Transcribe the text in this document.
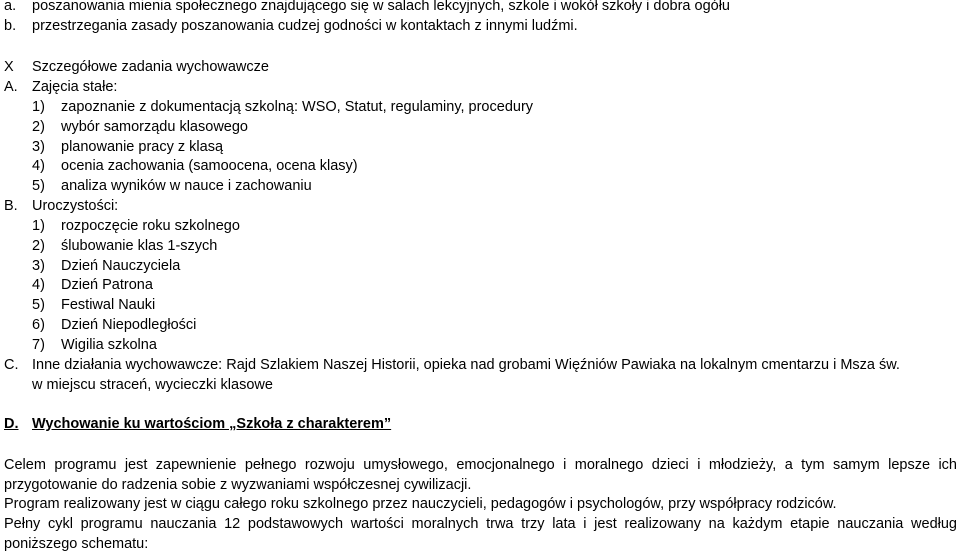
a. poszanowania mienia społecznego znajdującego się w salach lekcyjnych, szkole i wokół szkoły i dobra ogółu
b. przestrzegania zasady poszanowania cudzej godności w kontaktach z innymi ludźmi.
X Szczegółowe zadania wychowawcze
A. Zajęcia stałe:
1) zapoznanie z dokumentacją szkolną: WSO, Statut, regulaminy, procedury
2) wybór samorządu klasowego
3) planowanie pracy z klasą
4) ocenia zachowania (samoocena, ocena klasy)
5) analiza wyników w nauce i zachowaniu
B. Uroczystości:
1) rozpoczęcie roku szkolnego
2) ślubowanie klas 1-szych
3) Dzień Nauczyciela
4) Dzień Patrona
5) Festiwal Nauki
6) Dzień Niepodległości
7) Wigilia szkolna
C. Inne działania wychowawcze: Rajd Szlakiem Naszej Historii, opieka nad grobami Więźniów Pawiaka na lokalnym cmentarzu i Msza św.
w miejscu straceń, wycieczki klasowe
D. Wychowanie ku wartościom „Szkoła z charakterem”
Celem programu jest zapewnienie pełnego rozwoju umysłowego, emocjonalnego i moralnego dzieci i młodzieży, a tym samym lepsze ich przygotowanie do radzenia sobie z wyzwaniami współczesnej cywilizacji.
Program realizowany jest w ciągu całego roku szkolnego przez nauczycieli, pedagogów i psychologów, przy współpracy rodziców.
Pełny cykl programu nauczania 12 podstawowych wartości moralnych trwa trzy lata i jest realizowany na każdym etapie nauczania według poniższego schematu:
